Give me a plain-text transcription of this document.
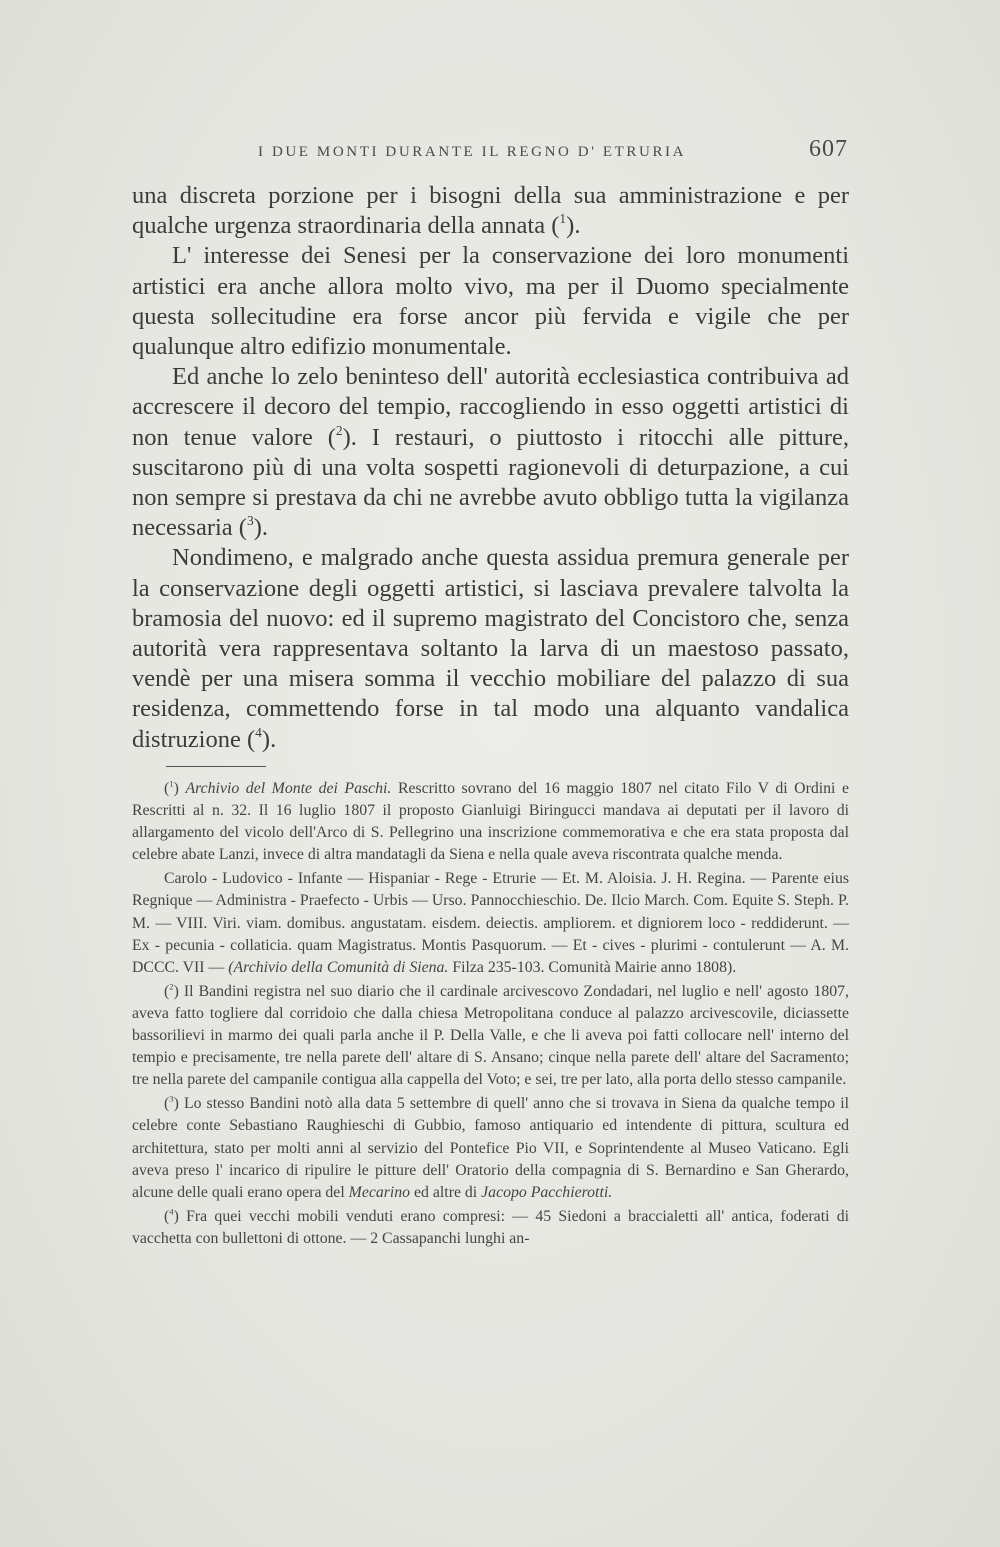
I DUE MONTI DURANTE IL REGNO D' ETRURIA	607

una discreta porzione per i bisogni della sua amministrazione e per qualche urgenza straordinaria della annata ($^1$).

L' interesse dei Senesi per la conservazione dei loro monumenti artistici era anche allora molto vivo, ma per il Duomo specialmente questa sollecitudine era forse ancor più fervida e vigile che per qualunque altro edifizio monumentale.

Ed anche lo zelo beninteso dell' autorità ecclesiastica contribuiva ad accrescere il decoro del tempio, raccogliendo in esso oggetti artistici di non tenue valore ($^2$). I restauri, o piuttosto i ritocchi alle pitture, suscitarono più di una volta sospetti ragionevoli di deturpazione, a cui non sempre si prestava da chi ne avrebbe avuto obbligo tutta la vigilanza necessaria ($^3$).

Nondimeno, e malgrado anche questa assidua premura generale per la conservazione degli oggetti artistici, si lasciava prevalere talvolta la bramosia del nuovo: ed il supremo magistrato del Concistoro che, senza autorità vera rappresentava soltanto la larva di un maestoso passato, vendè per una misera somma il vecchio mobiliare del palazzo di sua residenza, commettendo forse in tal modo una alquanto vandalica distruzione ($^4$).

($^1$) Archivio del Monte dei Paschi. Rescritto sovrano del 16 maggio 1807 nel citato Filo V di Ordini e Rescritti al n. 32. Il 16 luglio 1807 il proposto Gianluigi Biringucci mandava ai deputati per il lavoro di allargamento del vicolo dell'Arco di S. Pellegrino una inscrizione commemorativa e che era stata proposta dal celebre abate Lanzi, invece di altra mandatagli da Siena e nella quale aveva riscontrata qualche menda.

Carolo - Ludovico - Infante — Hispaniar - Rege - Etrurie — Et. M. Aloisia. J. H. Regina. — Parente eius Regnique — Administra - Praefecto - Urbis — Urso. Pannocchieschio. De. Ilcio March. Com. Equite S. Steph. P. M. — VIII. Viri. viam. domibus. angustatam. eisdem. deiectis. ampliorem. et digniorem loco - reddiderunt. — Ex - pecunia - collaticia. quam Magistratus. Montis Pasquorum. — Et - cives - plurimi - contulerunt — A. M. DCCC. VII — (Archivio della Comunità di Siena. Filza 235-103. Comunità Mairie anno 1808).

($^2$) Il Bandini registra nel suo diario che il cardinale arcivescovo Zondadari, nel luglio e nell' agosto 1807, aveva fatto togliere dal corridoio che dalla chiesa Metropolitana conduce al palazzo arcivescovile, diciassette bassorilievi in marmo dei quali parla anche il P. Della Valle, e che li aveva poi fatti collocare nell' interno del tempio e precisamente, tre nella parete dell' altare di S. Ansano; cinque nella parete dell' altare del Sacramento; tre nella parete del campanile contigua alla cappella del Voto; e sei, tre per lato, alla porta dello stesso campanile.

($^3$) Lo stesso Bandini notò alla data 5 settembre di quell' anno che si trovava in Siena da qualche tempo il celebre conte Sebastiano Raughieschi di Gubbio, famoso antiquario ed intendente di pittura, scultura ed architettura, stato per molti anni al servizio del Pontefice Pio VII, e Soprintendente al Museo Vaticano. Egli aveva preso l' incarico di ripulire le pitture dell' Oratorio della compagnia di S. Bernardino e San Gherardo, alcune delle quali erano opera del Mecarino ed altre di Jacopo Pacchierotti.

($^4$) Fra quei vecchi mobili venduti erano compresi: — 45 Siedoni a braccialetti all' antica, foderati di vacchetta con bullettoni di ottone. — 2 Cassapanchi lunghi an-
